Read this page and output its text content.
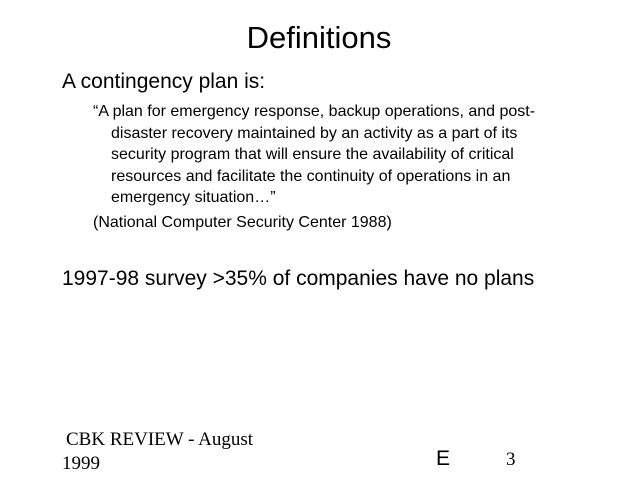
Definitions
A contingency plan is:
“A plan for emergency response, backup operations, and post-
disaster recovery maintained by an activity as a part of its
security program that will ensure the availability of critical
resources and facilitate the continuity of operations in an
emergency situation…”
(National Computer Security Center 1988)
1997-98 survey >35% of companies have no plans
CBK REVIEW - August
1999	E	3
